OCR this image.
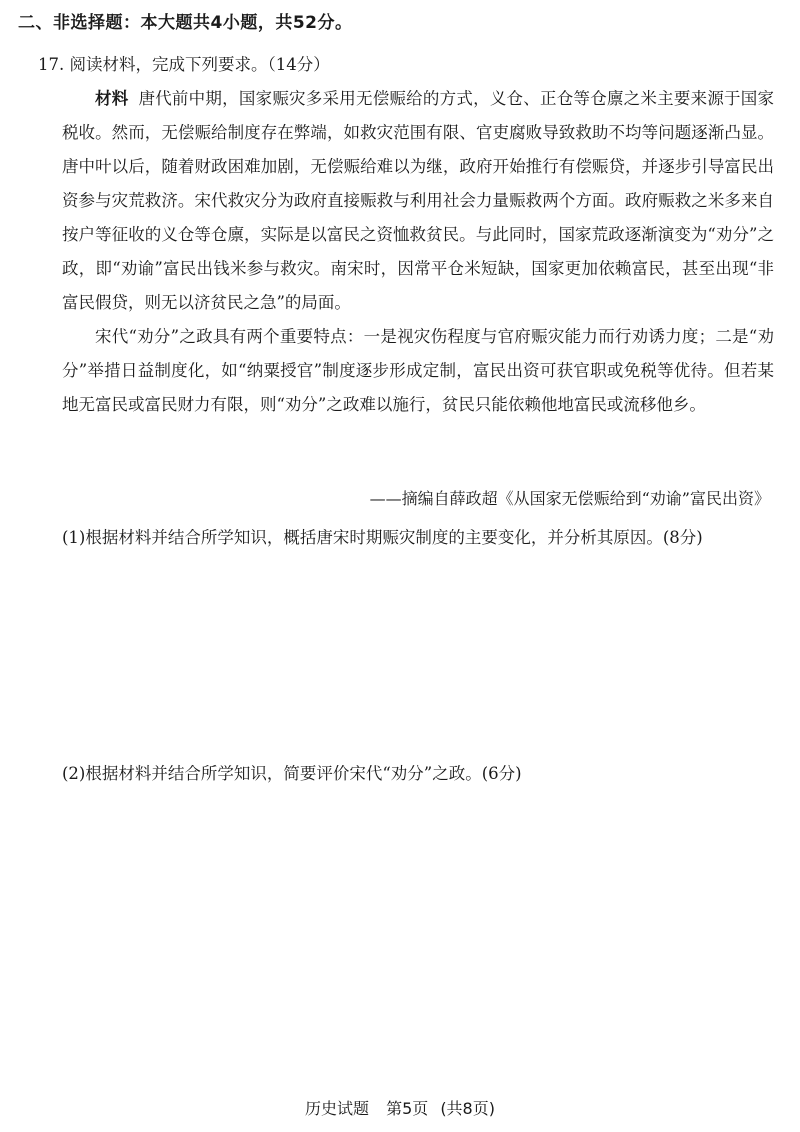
二、非选择题：本大题共4小题，共52分。
17. 阅读材料，完成下列要求。（14分）

材料 唐代前中期，国家赈灾多采用无偿赈给的方式，义仓、正仓等仓廪之米主要来源于国家税收。然而，无偿赈给制度存在弊端，如救灾范围有限、官吏腐败导致救助不均等问题逐渐凸显。唐中叶以后，随着财政困难加剧，无偿赈给难以为继，政府开始推行有偿赈贷，并逐步引导富民出资参与灾荒救济。宋代救灾分为政府直接赈救与利用社会力量赈救两个方面。政府赈救之米多来自按户等征收的义仓等仓廪，实际是以富民之资恤救贫民。与此同时，国家荒政逐渐演变为“劝分”之政，即“劝谕”富民出钱米参与救灾。南宋时，因常平仓米短缺，国家更加依赖富民，甚至出现“非富民假贷，则无以济贫民之急”的局面。

宋代“劝分”之政具有两个重要特点：一是视灾伤程度与官府赈灾能力而行劝诱力度；二是“劝分”举措日益制度化，如“纳粟授官”制度逐步形成定制，富民出资可获官职或免税等优待。但若某地无富民或富民财力有限，则“劝分”之政难以施行，贫民只能依赖他地富民或流移他乡。

——摘编自薛政超《从国家无偿赈给到“劝谕”富民出资》
(1)根据材料并结合所学知识，概括唐宋时期赈灾制度的主要变化，并分析其原因。(8分)
(2)根据材料并结合所学知识，简要评价宋代“劝分”之政。(6分)
历史试题 第5页 (共8页)
